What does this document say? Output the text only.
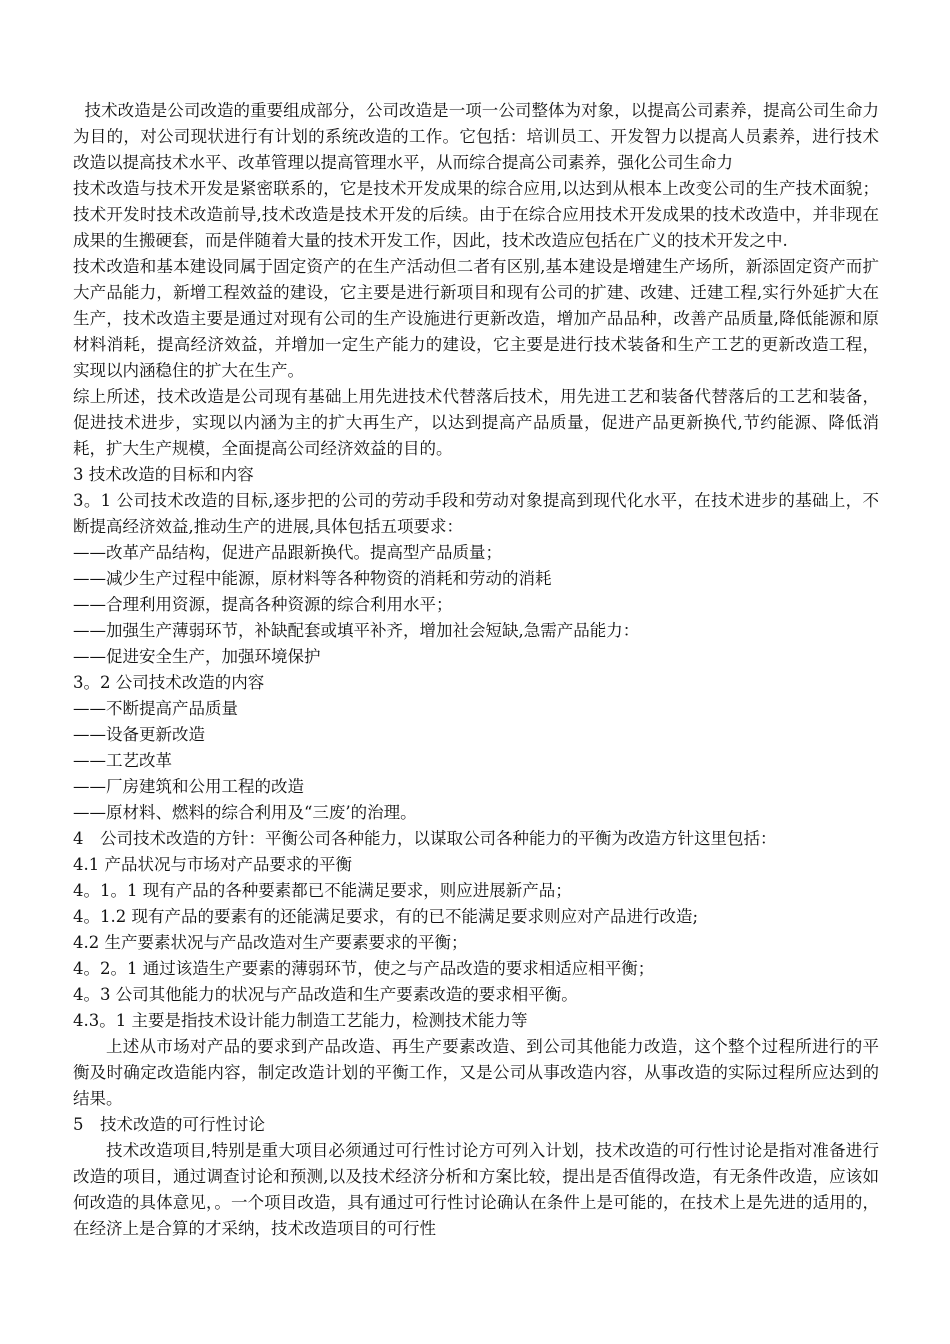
技术改造是公司改造的重要组成部分，公司改造是一项一公司整体为对象，以提高公司素养，提高公司生命力为目的，对公司现状进行有计划的系统改造的工作。它包括：培训员工、开发智力以提高人员素养，进行技术改造以提高技术水平、改革管理以提高管理水平，从而综合提高公司素养，强化公司生命力

技术改造与技术开发是紧密联系的，它是技术开发成果的综合应用,以达到从根本上改变公司的生产技术面貌；技术开发时技术改造前导,技术改造是技术开发的后续。由于在综合应用技术开发成果的技术改造中，并非现在成果的生搬硬套，而是伴随着大量的技术开发工作，因此，技术改造应包括在广义的技术开发之中.

技术改造和基本建设同属于固定资产的在生产活动但二者有区别,基本建设是增建生产场所，新添固定资产而扩大产品能力，新增工程效益的建设，它主要是进行新项目和现有公司的扩建、改建、迁建工程,实行外延扩大在生产，技术改造主要是通过对现有公司的生产设施进行更新改造，增加产品品种，改善产品质量,降低能源和原材料消耗，提高经济效益，并增加一定生产能力的建设，它主要是进行技术装备和生产工艺的更新改造工程，实现以内涵稳住的扩大在生产。

综上所述，技术改造是公司现有基础上用先进技术代替落后技术，用先进工艺和装备代替落后的工艺和装备，促进技术进步，实现以内涵为主的扩大再生产，以达到提高产品质量，促进产品更新换代,节约能源、降低消耗，扩大生产规模，全面提高公司经济效益的目的。

3 技术改造的目标和内容

3。1 公司技术改造的目标,逐步把的公司的劳动手段和劳动对象提高到现代化水平，在技术进步的基础上，不断提高经济效益,推动生产的进展,具体包括五项要求：

——改革产品结构，促进产品跟新换代。提高型产品质量；

——减少生产过程中能源，原材料等各种物资的消耗和劳动的消耗

——合理利用资源，提高各种资源的综合利用水平；

——加强生产薄弱环节，补缺配套或填平补齐，增加社会短缺,急需产品能力：

——促进安全生产，加强环境保护

3。2 公司技术改造的内容

——不断提高产品质量

——设备更新改造

——工艺改革

——厂房建筑和公用工程的改造

——原材料、燃料的综合利用及“三废’的治理。

4　公司技术改造的方针：平衡公司各种能力，以谋取公司各种能力的平衡为改造方针这里包括：

4.1 产品状况与市场对产品要求的平衡

4。1。1 现有产品的各种要素都已不能满足要求，则应进展新产品；

4。1.2 现有产品的要素有的还能满足要求，有的已不能满足要求则应对产品进行改造;

4.2 生产要素状况与产品改造对生产要素要求的平衡；

4。2。1 通过该造生产要素的薄弱环节，使之与产品改造的要求相适应相平衡；

4。3 公司其他能力的状况与产品改造和生产要素改造的要求相平衡。

4.3。1 主要是指技术设计能力制造工艺能力，检测技术能力等

上述从市场对产品的要求到产品改造、再生产要素改造、到公司其他能力改造，这个整个过程所进行的平衡及时确定改造能内容，制定改造计划的平衡工作，又是公司从事改造内容，从事改造的实际过程所应达到的结果。

5　技术改造的可行性讨论

技术改造项目,特别是重大项目必须通过可行性讨论方可列入计划，技术改造的可行性讨论是指对准备进行改造的项目，通过调查讨论和预测,以及技术经济分析和方案比较，提出是否值得改造，有无条件改造，应该如何改造的具体意见，。一个项目改造，具有通过可行性讨论确认在条件上是可能的，在技术上是先进的适用的，在经济上是合算的才采纳，技术改造项目的可行性
